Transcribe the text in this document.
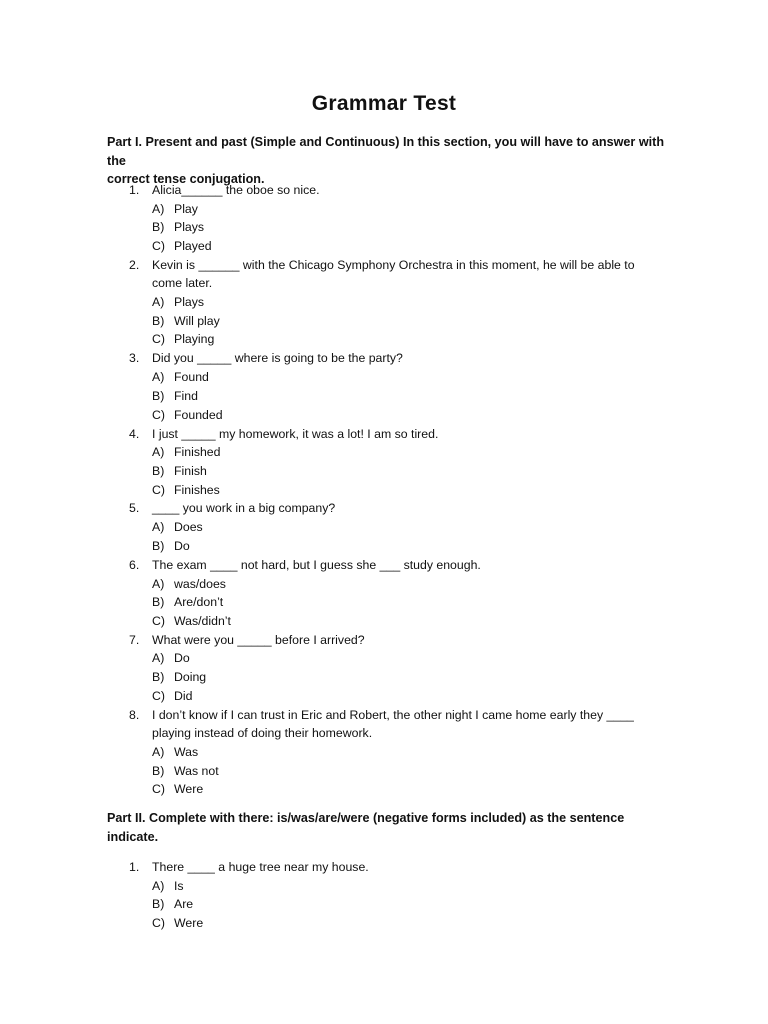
Grammar Test
Part I. Present and past (Simple and Continuous) In this section, you will have to answer with the
correct tense conjugation.
1. Alicia______ the oboe so nice.
A) Play
B) Plays
C) Played
2. Kevin is ______ with the Chicago Symphony Orchestra in this moment, he will be able to
come later.
A) Plays
B) Will play
C) Playing
3. Did you _____ where is going to be the party?
A) Found
B) Find
C) Founded
4. I just _____ my homework, it was a lot! I am so tired.
A) Finished
B) Finish
C) Finishes
5. ____ you work in a big company?
A) Does
B) Do
6. The exam ____ not hard, but I guess she ___ study enough.
A) was/does
B) Are/don’t
C) Was/didn’t
7. What were you _____ before I arrived?
A) Do
B) Doing
C) Did
8. I don’t know if I can trust in Eric and Robert, the other night I came home early they ____
playing instead of doing their homework.
A) Was
B) Was not
C) Were
Part II. Complete with there: is/was/are/were (negative forms included) as the sentence
indicate.
1. There ____ a huge tree near my house.
A) Is
B) Are
C) Were
